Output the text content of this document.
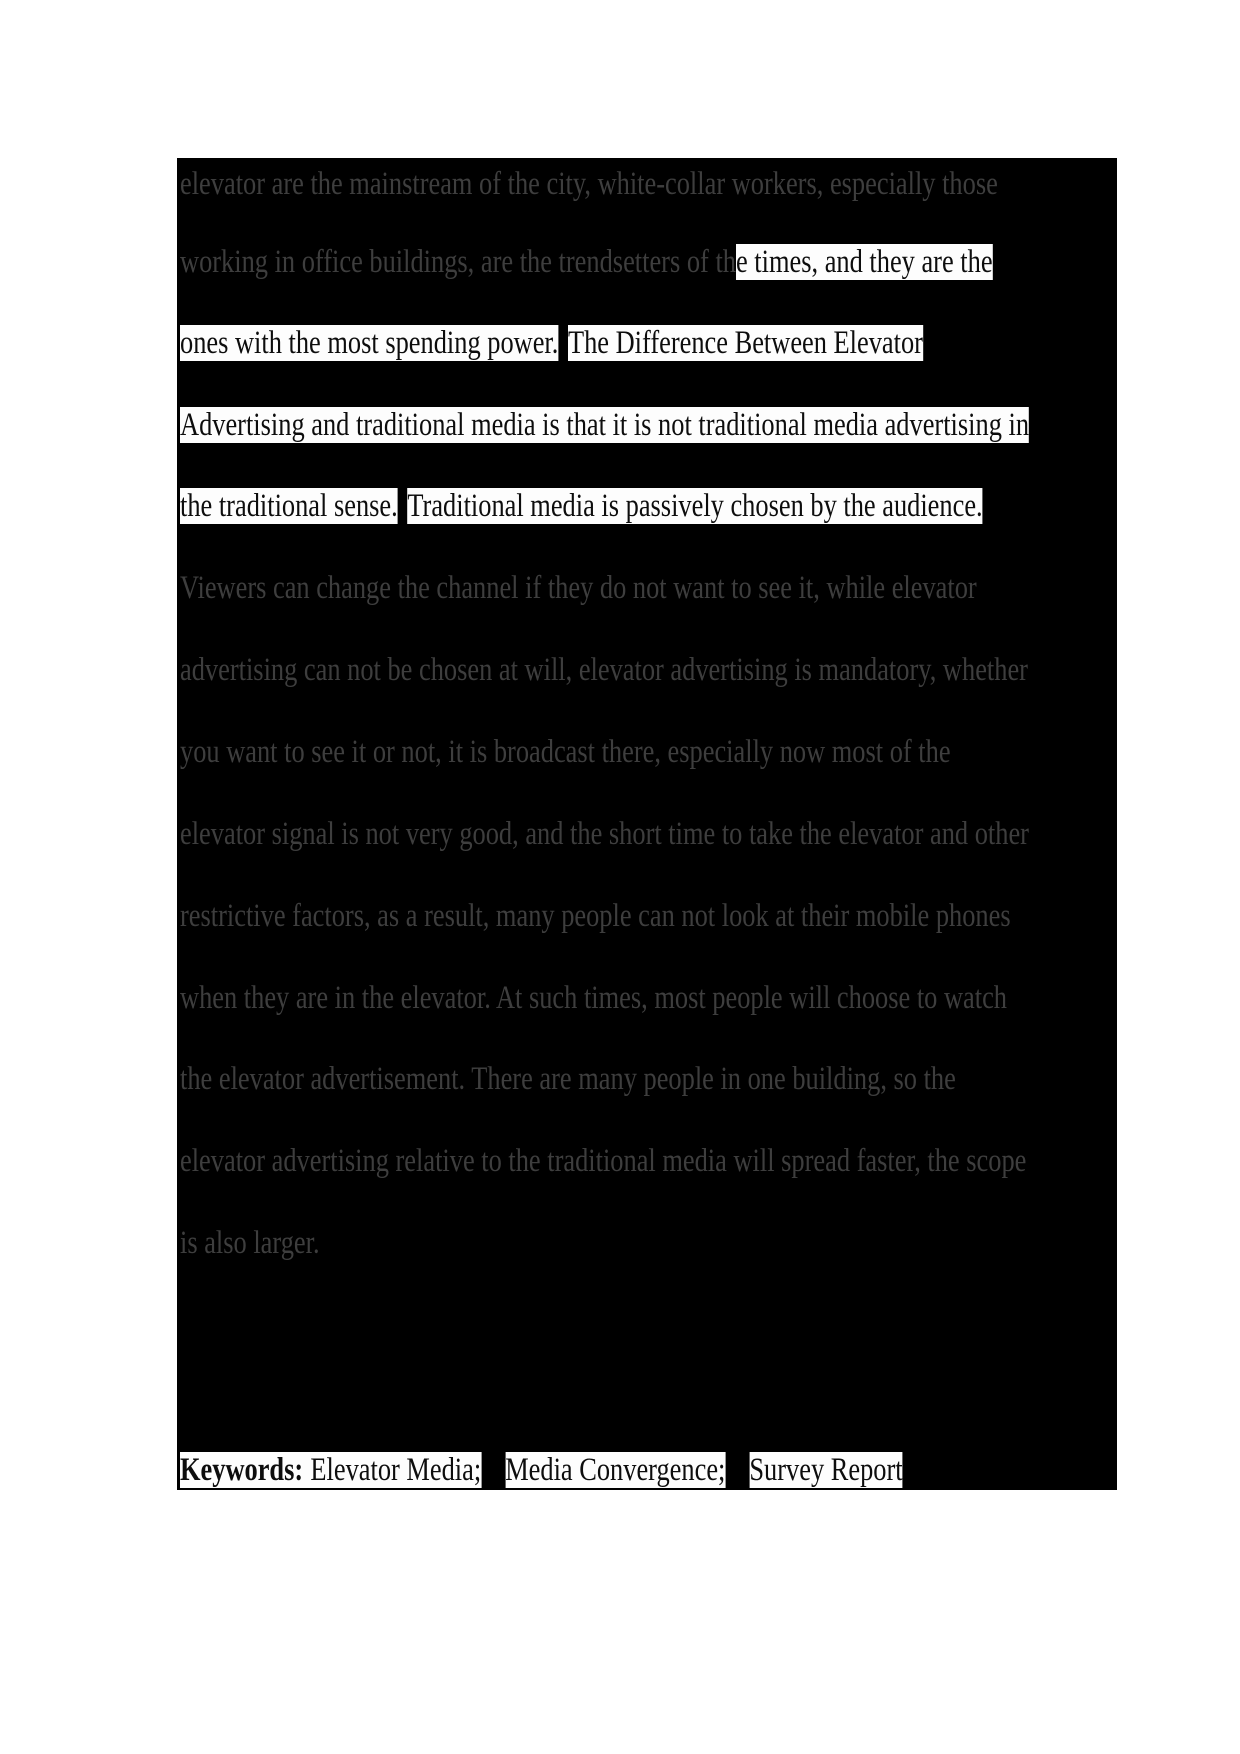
elevator are the mainstream of the city, white-collar workers, especially those
working in office buildings, are the trendsetters of the times, and they are the
ones with the most spending power. The Difference Between Elevator
Advertising and traditional media is that it is not traditional media advertising in
the traditional sense. Traditional media is passively chosen by the audience.
Viewers can change the channel if they do not want to see it, while elevator
advertising can not be chosen at will, elevator advertising is mandatory, whether
you want to see it or not, it is broadcast there, especially now most of the
elevator signal is not very good, and the short time to take the elevator and other
restrictive factors, as a result, many people can not look at their mobile phones
when they are in the elevator. At such times, most people will choose to watch
the elevator advertisement. There are many people in one building, so the
elevator advertising relative to the traditional media will spread faster, the scope
is also larger.
Keywords: Elevator Media; Media Convergence; Survey Report
